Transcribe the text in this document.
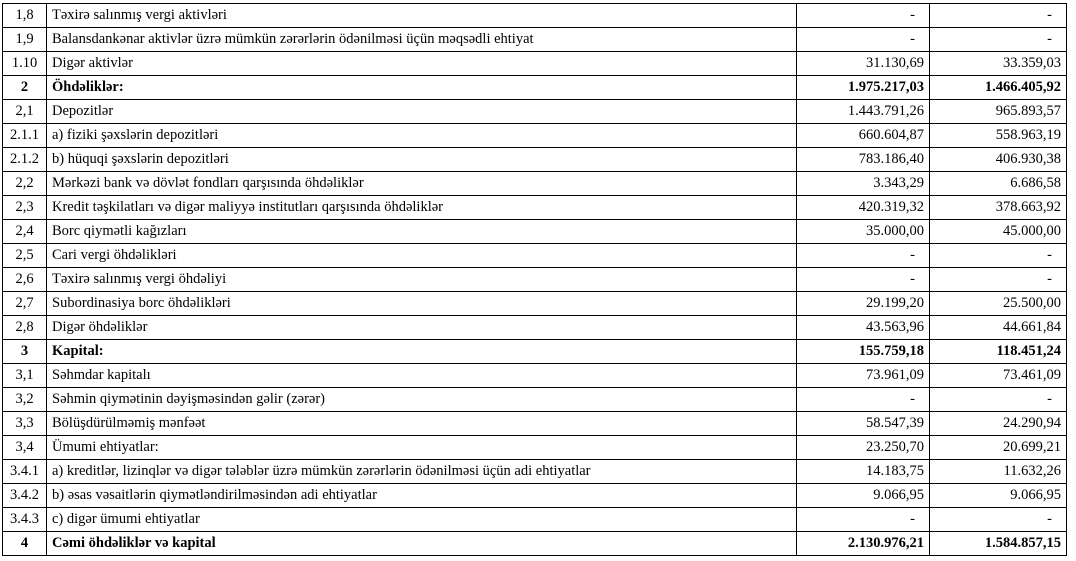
1,8	Təxirə salınmış vergi aktivləri	-	-
1,9	Balansdankənar aktivlər üzrə mümkün zərərlərin ödənilməsi üçün məqsədli ehtiyat	-	-
1.10	Digər aktivlər	31.130,69	33.359,03
2	Öhdəliklər:	1.975.217,03	1.466.405,92
2,1	Depozitlər	1.443.791,26	965.893,57
2.1.1	a) fiziki şəxslərin depozitləri	660.604,87	558.963,19
2.1.2	b) hüquqi şəxslərin depozitləri	783.186,40	406.930,38
2,2	Mərkəzi bank və dövlət fondları qarşısında öhdəliklər	3.343,29	6.686,58
2,3	Kredit təşkilatları və digər maliyyə institutları qarşısında öhdəliklər	420.319,32	378.663,92
2,4	Borc qiymətli kağızları	35.000,00	45.000,00
2,5	Cari vergi öhdəlikləri	-	-
2,6	Təxirə salınmış vergi öhdəliyi	-	-
2,7	Subordinasiya borc öhdəlikləri	29.199,20	25.500,00
2,8	Digər öhdəliklər	43.563,96	44.661,84
3	Kapital:	155.759,18	118.451,24
3,1	Səhmdar kapitalı	73.961,09	73.461,09
3,2	Səhmin qiymətinin dəyişməsindən gəlir (zərər)	-	-
3,3	Bölüşdürülməmiş mənfəət	58.547,39	24.290,94
3,4	Ümumi ehtiyatlar:	23.250,70	20.699,21
3.4.1	a) kreditlər, lizinqlər və digər tələblər üzrə mümkün zərərlərin ödənilməsi üçün adi ehtiyatlar	14.183,75	11.632,26
3.4.2	b) əsas vəsaitlərin qiymətləndirilməsindən adi ehtiyatlar	9.066,95	9.066,95
3.4.3	c) digər ümumi ehtiyatlar	-	-
4	Cəmi öhdəliklər və kapital	2.130.976,21	1.584.857,15
